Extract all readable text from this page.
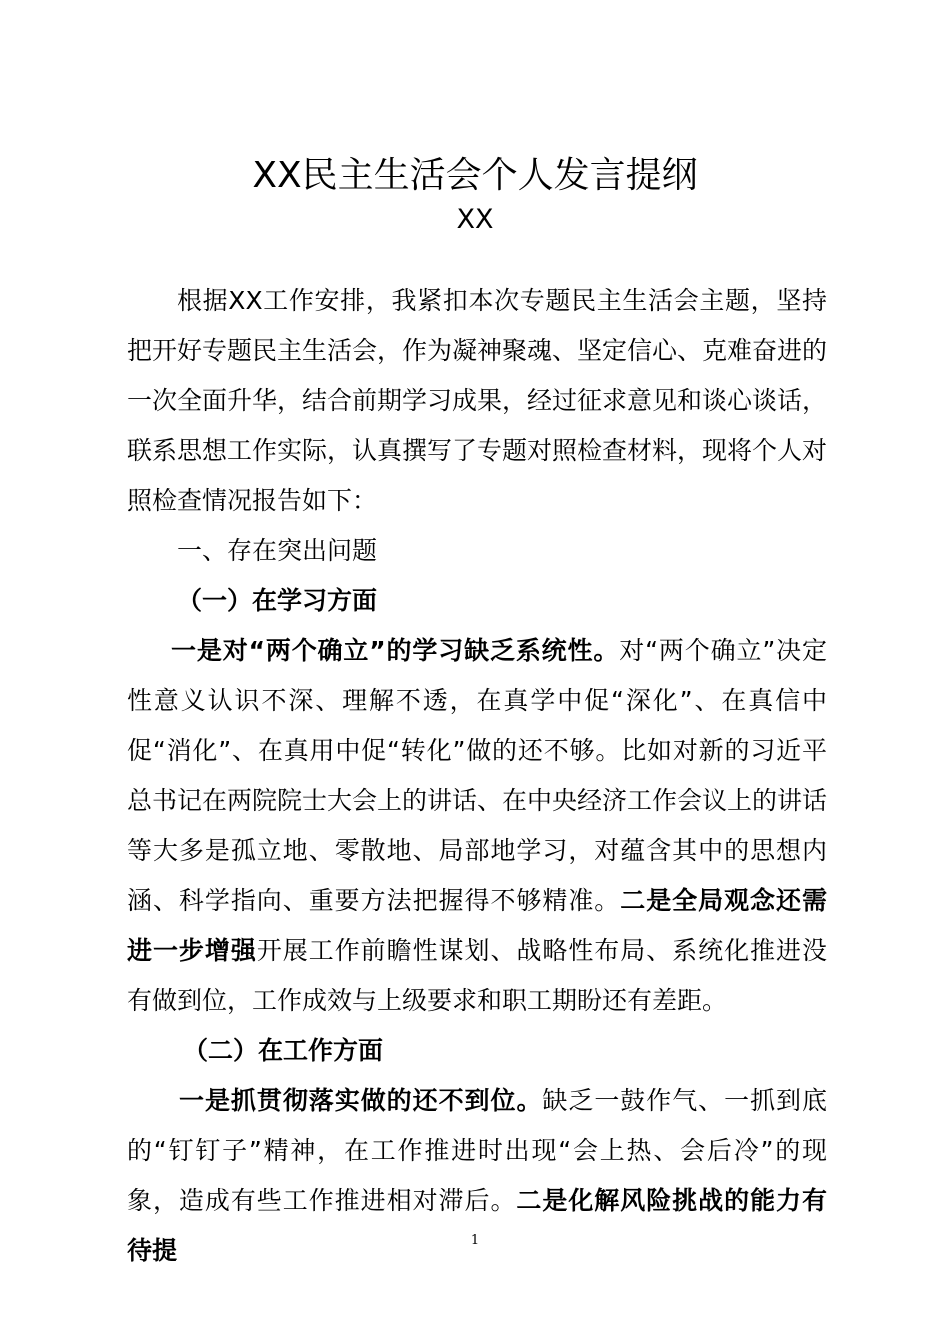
XX民主生活会个人发言提纲
XX

根据XX工作安排，我紧扣本次专题民主生活会主题，坚持把开好专题民主生活会，作为凝神聚魂、坚定信心、克难奋进的一次全面升华，结合前期学习成果，经过征求意见和谈心谈话，联系思想工作实际，认真撰写了专题对照检查材料，现将个人对照检查情况报告如下：

一、存在突出问题

（一）在学习方面

一是对“两个确立”的学习缺乏系统性。对“两个确立”决定性意义认识不深、理解不透，在真学中促“深化”、在真信中促“消化”、在真用中促“转化”做的还不够。比如对新的习近平总书记在两院院士大会上的讲话、在中央经济工作会议上的讲话等大多是孤立地、零散地、局部地学习，对蕴含其中的思想内涵、科学指向、重要方法把握得不够精准。二是全局观念还需进一步增强开展工作前瞻性谋划、战略性布局、系统化推进没有做到位，工作成效与上级要求和职工期盼还有差距。

（二）在工作方面

一是抓贯彻落实做的还不到位。缺乏一鼓作气、一抓到底的“钉钉子”精神，在工作推进时出现“会上热、会后冷”的现象，造成有些工作推进相对滞后。二是化解风险挑战的能力有待提	1
